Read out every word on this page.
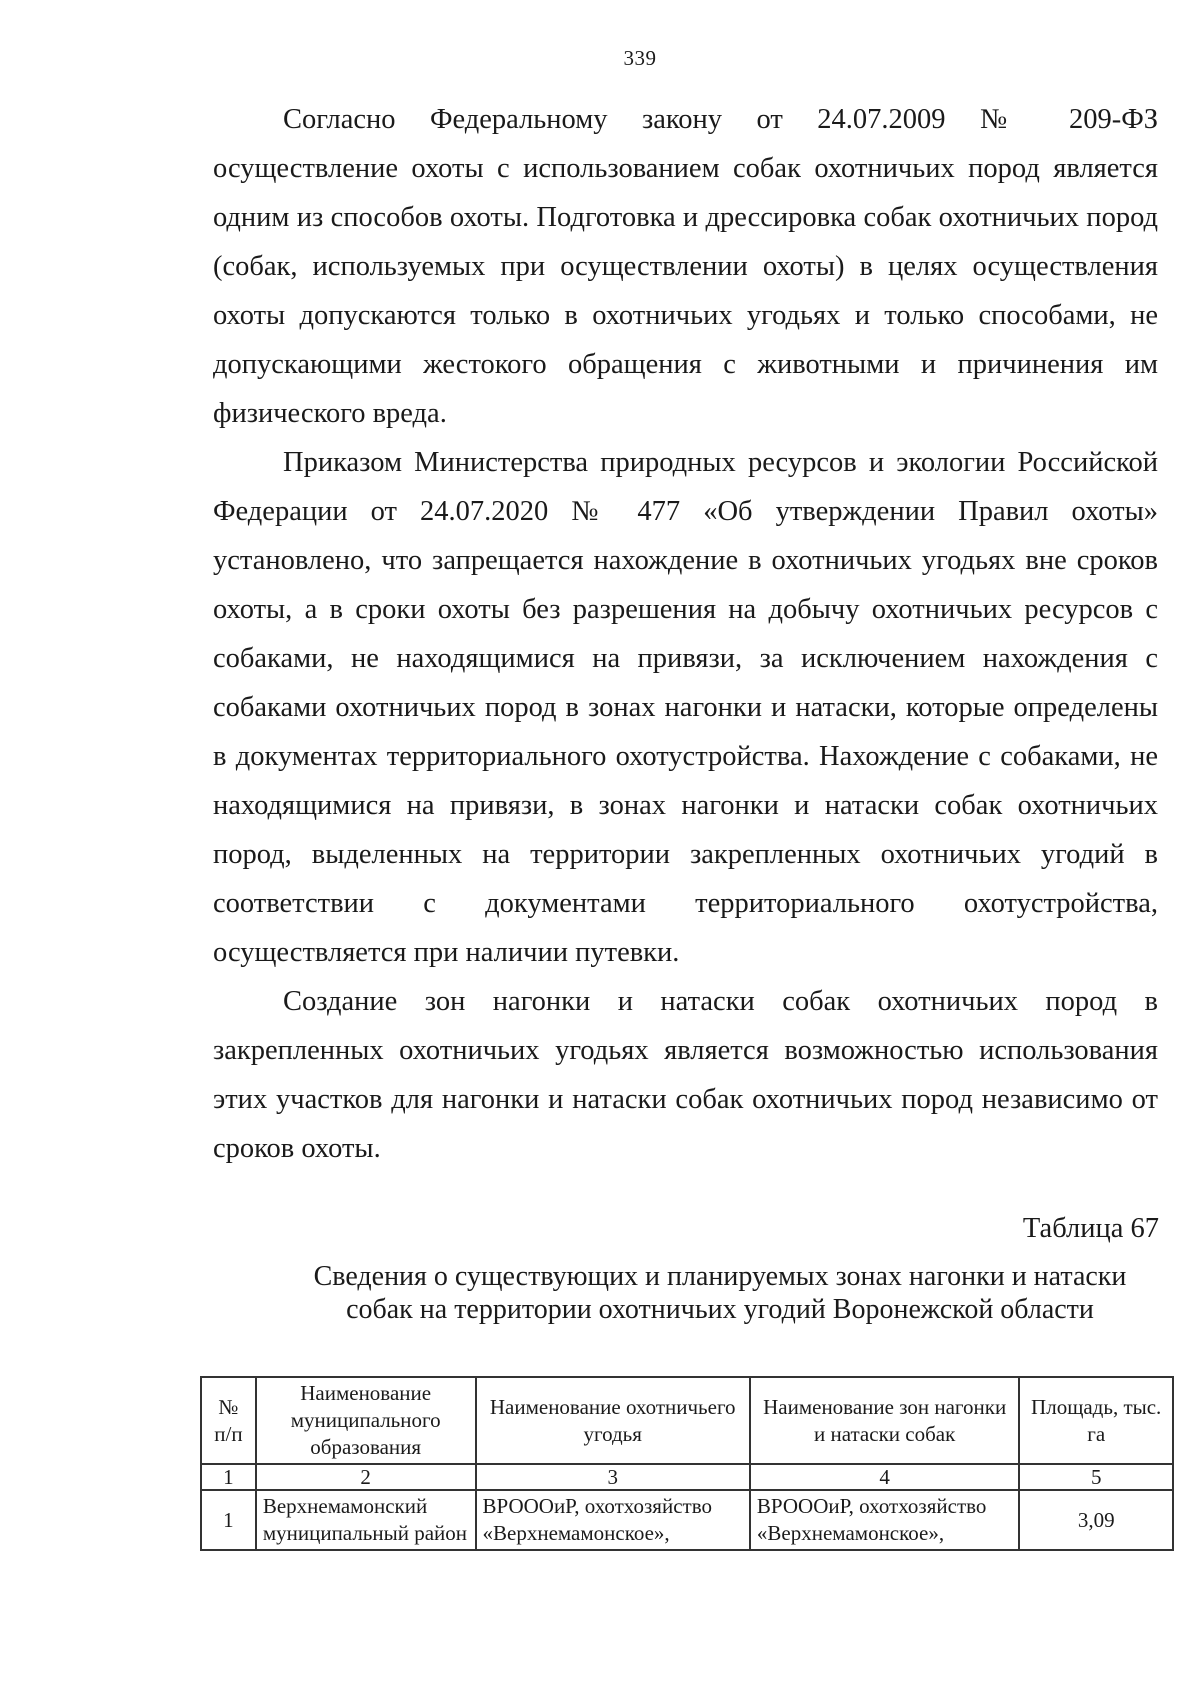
339

Согласно Федеральному закону от 24.07.2009 № 209-ФЗ осуществление охоты с использованием собак охотничьих пород является одним из способов охоты. Подготовка и дрессировка собак охотничьих пород (собак, используемых при осуществлении охоты) в целях осуществления охоты допускаются только в охотничьих угодьях и только способами, не допускающими жестокого обращения с животными и причинения им физического вреда.

Приказом Министерства природных ресурсов и экологии Российской Федерации от 24.07.2020 № 477 «Об утверждении Правил охоты» установлено, что запрещается нахождение в охотничьих угодьях вне сроков охоты, а в сроки охоты без разрешения на добычу охотничьих ресурсов с собаками, не находящимися на привязи, за исключением нахождения с собаками охотничьих пород в зонах нагонки и натаски, которые определены в документах территориального охотустройства. Нахождение с собаками, не находящимися на привязи, в зонах нагонки и натаски собак охотничьих пород, выделенных на территории закрепленных охотничьих угодий в соответствии с документами территориального охотустройства, осуществляется при наличии путевки.

Создание зон нагонки и натаски собак охотничьих пород в закрепленных охотничьих угодьях является возможностью использования этих участков для нагонки и натаски собак охотничьих пород независимо от сроков охоты.

Таблица 67
Сведения о существующих и планируемых зонах нагонки и натаски
собак на территории охотничьих угодий Воронежской области
№ п/п	Наименование муниципального образования	Наименование охотничьего угодья	Наименование зон нагонки и натаски собак	Площадь, тыс. га
1	2	3	4	5
1	Верхнемамонский муниципальный район	ВРОООиР, охотхозяйство «Верхнемамонское»,	ВРОООиР, охотхозяйство «Верхнемамонское»,	3,09
